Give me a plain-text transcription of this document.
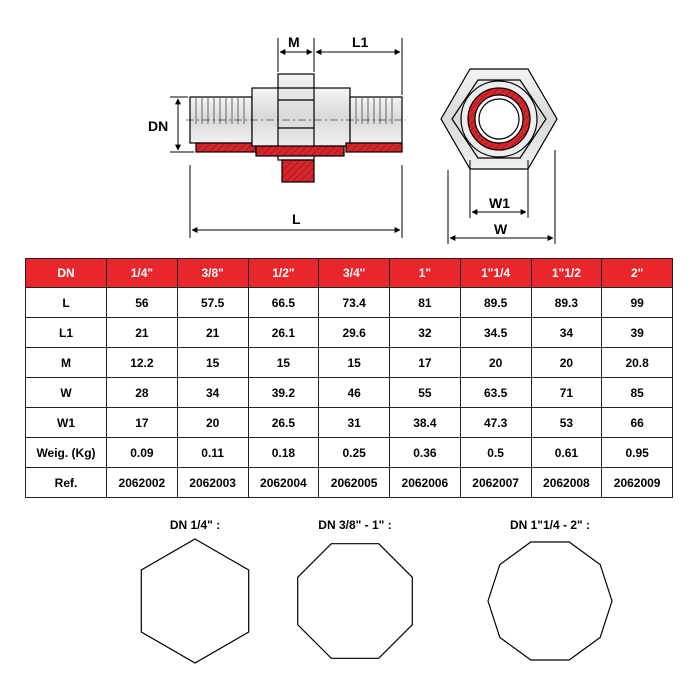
M	L1
DN
L
W1
W
DN	1/4"	3/8"	1/2"	3/4"	1"	1"1/4	1"1/2	2"
L	56	57.5	66.5	73.4	81	89.5	89.3	99
L1	21	21	26.1	29.6	32	34.5	34	39
M	12.2	15	15	15	17	20	20	20.8
W	28	34	39.2	46	55	63.5	71	85
W1	17	20	26.5	31	38.4	47.3	53	66
Weig. (Kg)	0.09	0.11	0.18	0.25	0.36	0.5	0.61	0.95
Ref.	2062002	2062003	2062004	2062005	2062006	2062007	2062008	2062009
DN 1/4" :	DN 3/8" - 1" :	DN 1"1/4 - 2" :
